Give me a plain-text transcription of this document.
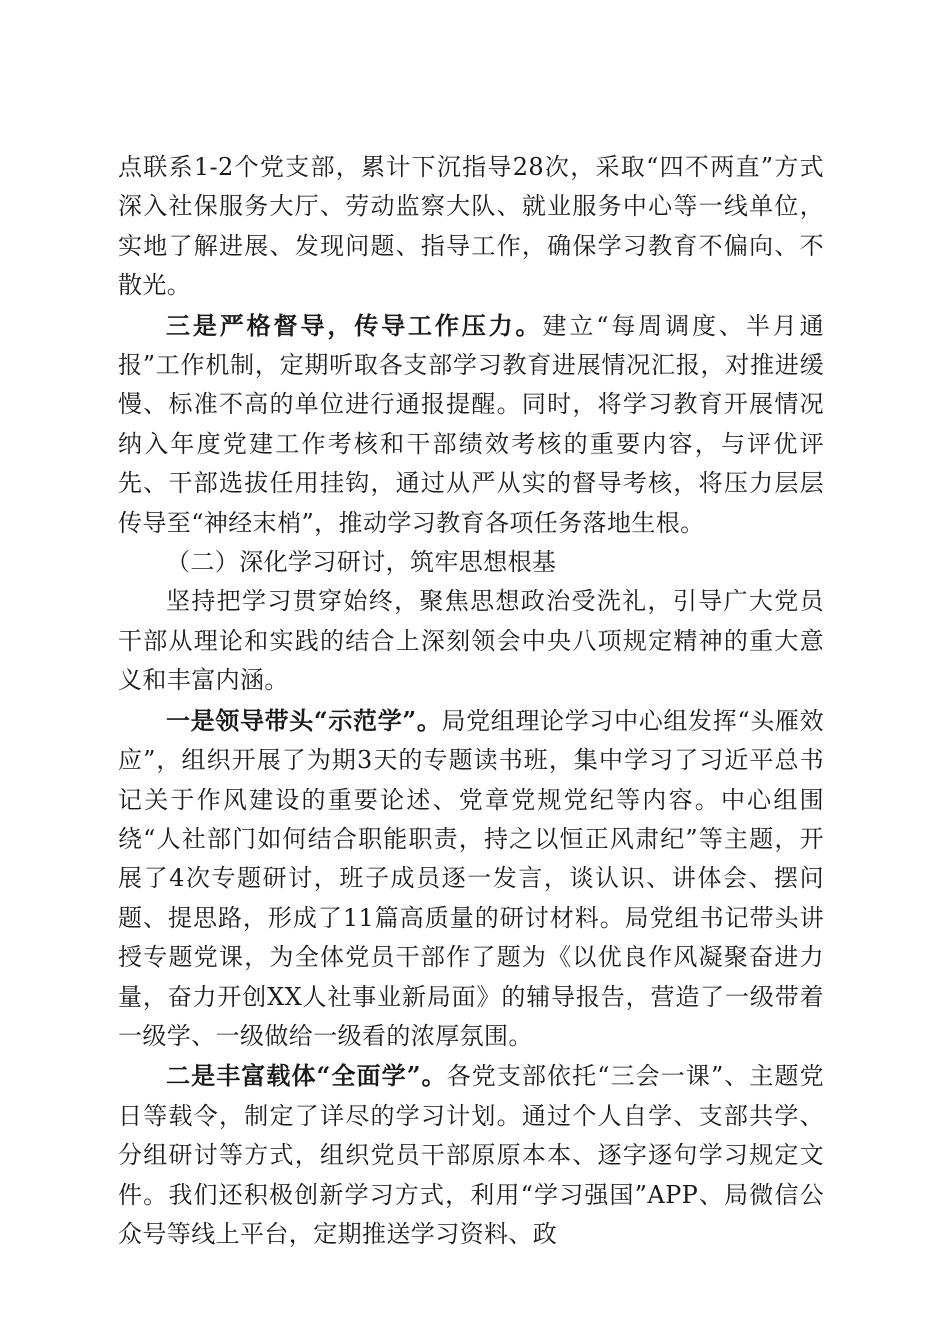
点联系1-2个党支部，累计下沉指导28次，采取“四不两直”方式深入社保服务大厅、劳动监察大队、就业服务中心等一线单位，实地了解进展、发现问题、指导工作，确保学习教育不偏向、不散光。

三是严格督导，传导工作压力。建立“每周调度、半月通报”工作机制，定期听取各支部学习教育进展情况汇报，对推进缓慢、标准不高的单位进行通报提醒。同时，将学习教育开展情况纳入年度党建工作考核和干部绩效考核的重要内容，与评优评先、干部选拔任用挂钩，通过从严从实的督导考核，将压力层层传导至“神经末梢”，推动学习教育各项任务落地生根。

（二）深化学习研讨，筑牢思想根基

坚持把学习贯穿始终，聚焦思想政治受洗礼，引导广大党员干部从理论和实践的结合上深刻领会中央八项规定精神的重大意义和丰富内涵。

一是领导带头“示范学”。局党组理论学习中心组发挥“头雁效应”，组织开展了为期3天的专题读书班，集中学习了习近平总书记关于作风建设的重要论述、党章党规党纪等内容。中心组围绕“人社部门如何结合职能职责，持之以恒正风肃纪”等主题，开展了4次专题研讨，班子成员逐一发言，谈认识、讲体会、摆问题、提思路，形成了11篇高质量的研讨材料。局党组书记带头讲授专题党课，为全体党员干部作了题为《以优良作风凝聚奋进力量，奋力开创XX人社事业新局面》的辅导报告，营造了一级带着一级学、一级做给一级看的浓厚氛围。

二是丰富载体“全面学”。各党支部依托“三会一课”、主题党日等载令，制定了详尽的学习计划。通过个人自学、支部共学、分组研讨等方式，组织党员干部原原本本、逐字逐句学习规定文件。我们还积极创新学习方式，利用“学习强国”APP、局微信公众号等线上平台，定期推送学习资料、政
